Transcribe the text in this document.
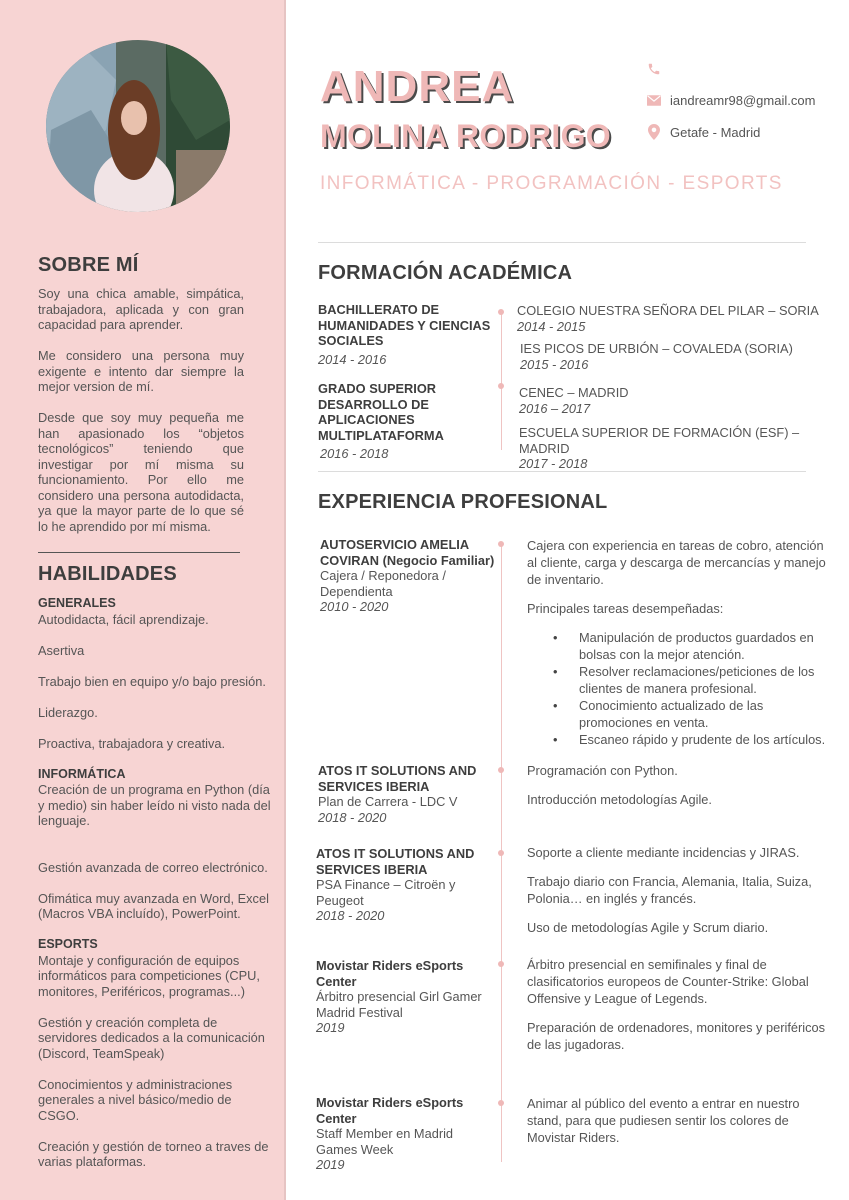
SOBRE MÍ

Soy una chica amable, simpática, trabajadora, aplicada y con gran capacidad para aprender.

Me considero una persona muy exigente e intento dar siempre la mejor version de mí.

Desde que soy muy pequeña me han apasionado los “objetos tecnológicos” teniendo que investigar por mí misma su funcionamiento. Por ello me considero una persona autodidacta, ya que la mayor parte de lo que sé lo he aprendido por mí misma.

HABILIDADES
GENERALES
Autodidacta, fácil aprendizaje.
Asertiva
Trabajo bien en equipo y/o bajo presión.
Liderazgo.
Proactiva, trabajadora y creativa.
INFORMÁTICA
Creación de un programa en Python (día y medio) sin haber leído ni visto nada del lenguaje.
Gestión avanzada de correo electrónico.
Ofimática muy avanzada en Word, Excel (Macros VBA incluído), PowerPoint.
ESPORTS
Montaje y configuración de equipos informáticos para competiciones (CPU, monitores, Periféricos, programas...)
Gestión y creación completa de servidores dedicados a la comunicación (Discord, TeamSpeak)
Conocimientos y administraciones generales a nivel básico/medio de CSGO.
Creación y gestión de torneo a traves de varias plataformas.
ANDREA
MOLINA RODRIGO
INFORMÁTICA - PROGRAMACIÓN - ESPORTS
iandreamr98@gmail.com
Getafe - Madrid
FORMACIÓN ACADÉMICA
BACHILLERATO DE HUMANIDADES Y CIENCIAS SOCIALES
2014 - 2016
GRADO SUPERIOR DESARROLLO DE APLICACIONES MULTIPLATAFORMA
2016 - 2018
COLEGIO NUESTRA SEÑORA DEL PILAR – SORIA
2014 - 2015
IES PICOS DE URBIÓN – COVALEDA (SORIA)
2015 - 2016
CENEC – MADRID
2016 – 2017
ESCUELA SUPERIOR DE FORMACIÓN (ESF) – MADRID
2017 - 2018
EXPERIENCIA PROFESIONAL
AUTOSERVICIO AMELIA COVIRAN (Negocio Familiar)
Cajera / Reponedora / Dependienta
2010 - 2020

Cajera con experiencia en tareas de cobro, atención al cliente, carga y descarga de mercancías y manejo de inventario.

Principales tareas desempeñadas:

• Manipulación de productos guardados en bolsas con la mejor atención.
• Resolver reclamaciones/peticiones de los clientes de manera profesional.
• Conocimiento actualizado de las promociones en venta.
• Escaneo rápido y prudente de los artículos.
ATOS IT SOLUTIONS AND SERVICES IBERIA
Plan de Carrera - LDC V
2018 - 2020

Programación con Python.

Introducción metodologías Agile.

ATOS IT SOLUTIONS AND SERVICES IBERIA
PSA Finance – Citroën y Peugeot
2018 - 2020

Soporte a cliente mediante incidencias y JIRAS.

Trabajo diario con Francia, Alemania, Italia, Suiza, Polonia… en inglés y francés.

Uso de metodologías Agile y Scrum diario.

Movistar Riders eSports Center
Árbitro presencial Girl Gamer Madrid Festival
2019

Árbitro presencial en semifinales y final de clasificatorios europeos de Counter-Strike: Global Offensive y League of Legends.

Preparación de ordenadores, monitores y periféricos de las jugadoras.

Movistar Riders eSports Center
Staff Member en Madrid Games Week
2019

Animar al público del evento a entrar en nuestro stand, para que pudiesen sentir los colores de Movistar Riders.
